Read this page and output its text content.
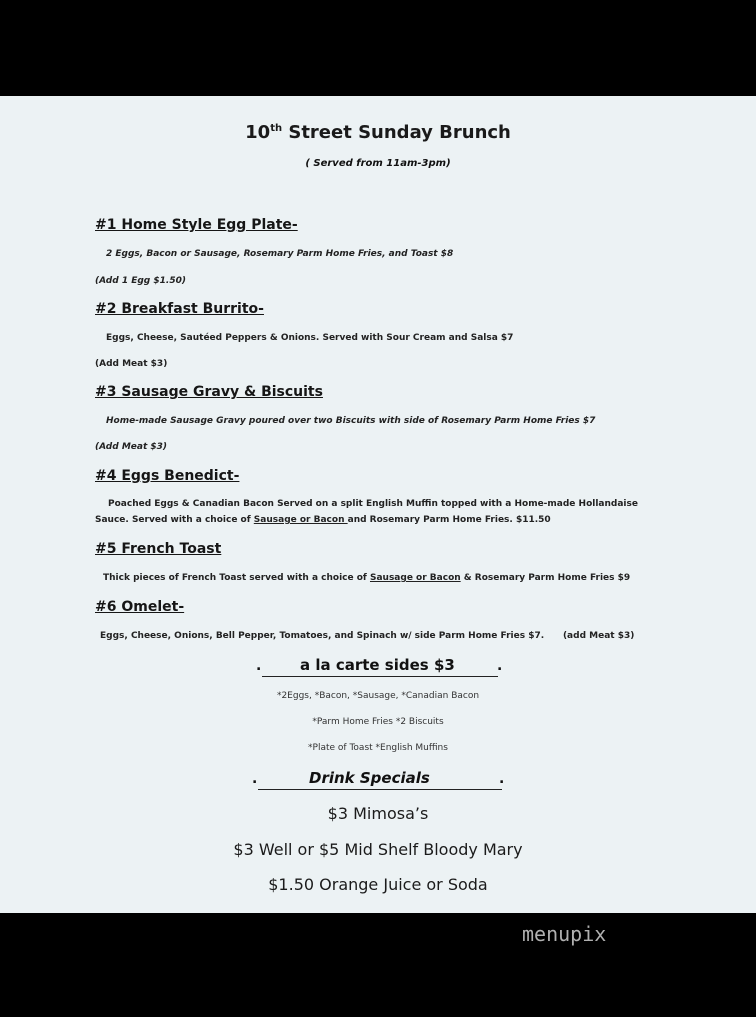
10th Street Sunday Brunch
( Served from 11am-3pm)
#1 Home Style Egg Plate-
2 Eggs, Bacon or Sausage, Rosemary Parm Home Fries, and Toast $8
(Add 1 Egg $1.50)
#2 Breakfast Burrito-
Eggs, Cheese, Sautéed Peppers & Onions. Served with Sour Cream and Salsa $7
(Add Meat $3)
#3 Sausage Gravy & Biscuits
Home-made Sausage Gravy poured over two Biscuits with side of Rosemary Parm Home Fries $7
(Add Meat $3)
#4 Eggs Benedict-
Poached Eggs & Canadian Bacon Served on a split English Muffin topped with a Home-made Hollandaise
Sauce. Served with a choice of Sausage or Bacon and Rosemary Parm Home Fries. $11.50
#5 French Toast
Thick pieces of French Toast served with a choice of Sausage or Bacon & Rosemary Parm Home Fries $9
#6 Omelet-
Eggs, Cheese, Onions, Bell Pepper, Tomatoes, and Spinach w/ side Parm Home Fries $7.      (add Meat $3)
.	.
a la carte sides $3
*2Eggs, *Bacon, *Sausage, *Canadian Bacon
*Parm Home Fries *2 Biscuits
*Plate of Toast *English Muffins
.	.
Drink Specials
$3 Mimosa’s
$3 Well or $5 Mid Shelf Bloody Mary
$1.50 Orange Juice or Soda
menupix
